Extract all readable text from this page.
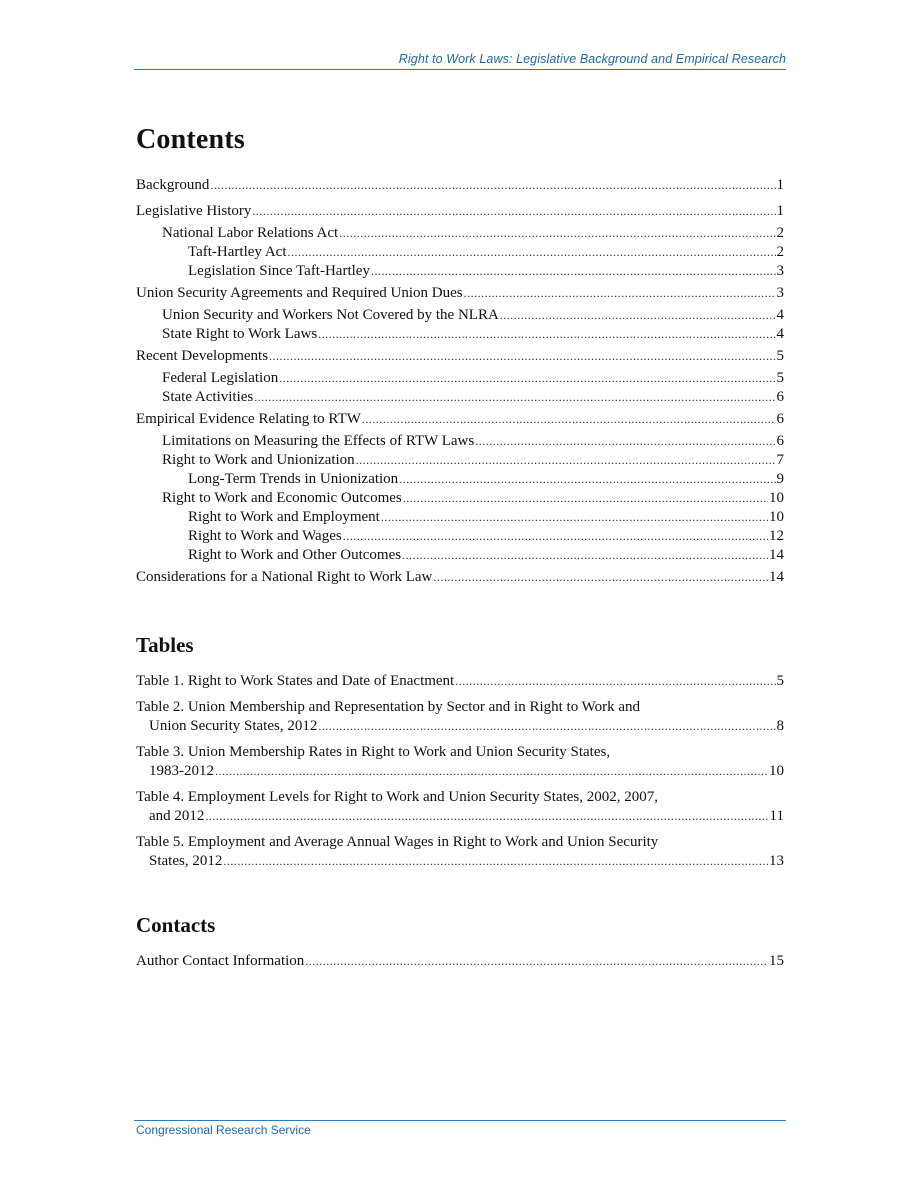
Right to Work Laws: Legislative Background and Empirical Research
Contents
Background .....	1
Legislative History .....	1
National Labor Relations Act .....	2
Taft-Hartley Act .....	2
Legislation Since Taft-Hartley .....	3
Union Security Agreements and Required Union Dues .....	3
Union Security and Workers Not Covered by the NLRA .....	4
State Right to Work Laws .....	4
Recent Developments .....	5
Federal Legislation .....	5
State Activities .....	6
Empirical Evidence Relating to RTW .....	6
Limitations on Measuring the Effects of RTW Laws .....	6
Right to Work and Unionization .....	7
Long-Term Trends in Unionization .....	9
Right to Work and Economic Outcomes .....	10
Right to Work and Employment .....	10
Right to Work and Wages .....	12
Right to Work and Other Outcomes .....	14
Considerations for a National Right to Work Law .....	14
Tables
Table 1. Right to Work States and Date of Enactment .....	5
Table 2. Union Membership and Representation by Sector and in Right to Work and
Union Security States, 2012 .....	8
Table 3. Union Membership Rates in Right to Work and Union Security States,
1983-2012 .....	10
Table 4. Employment Levels for Right to Work and Union Security States, 2002, 2007,
and 2012 .....	11
Table 5. Employment and Average Annual Wages in Right to Work and Union Security
States, 2012 .....	13
Contacts
Author Contact Information .....	15
Congressional Research Service
